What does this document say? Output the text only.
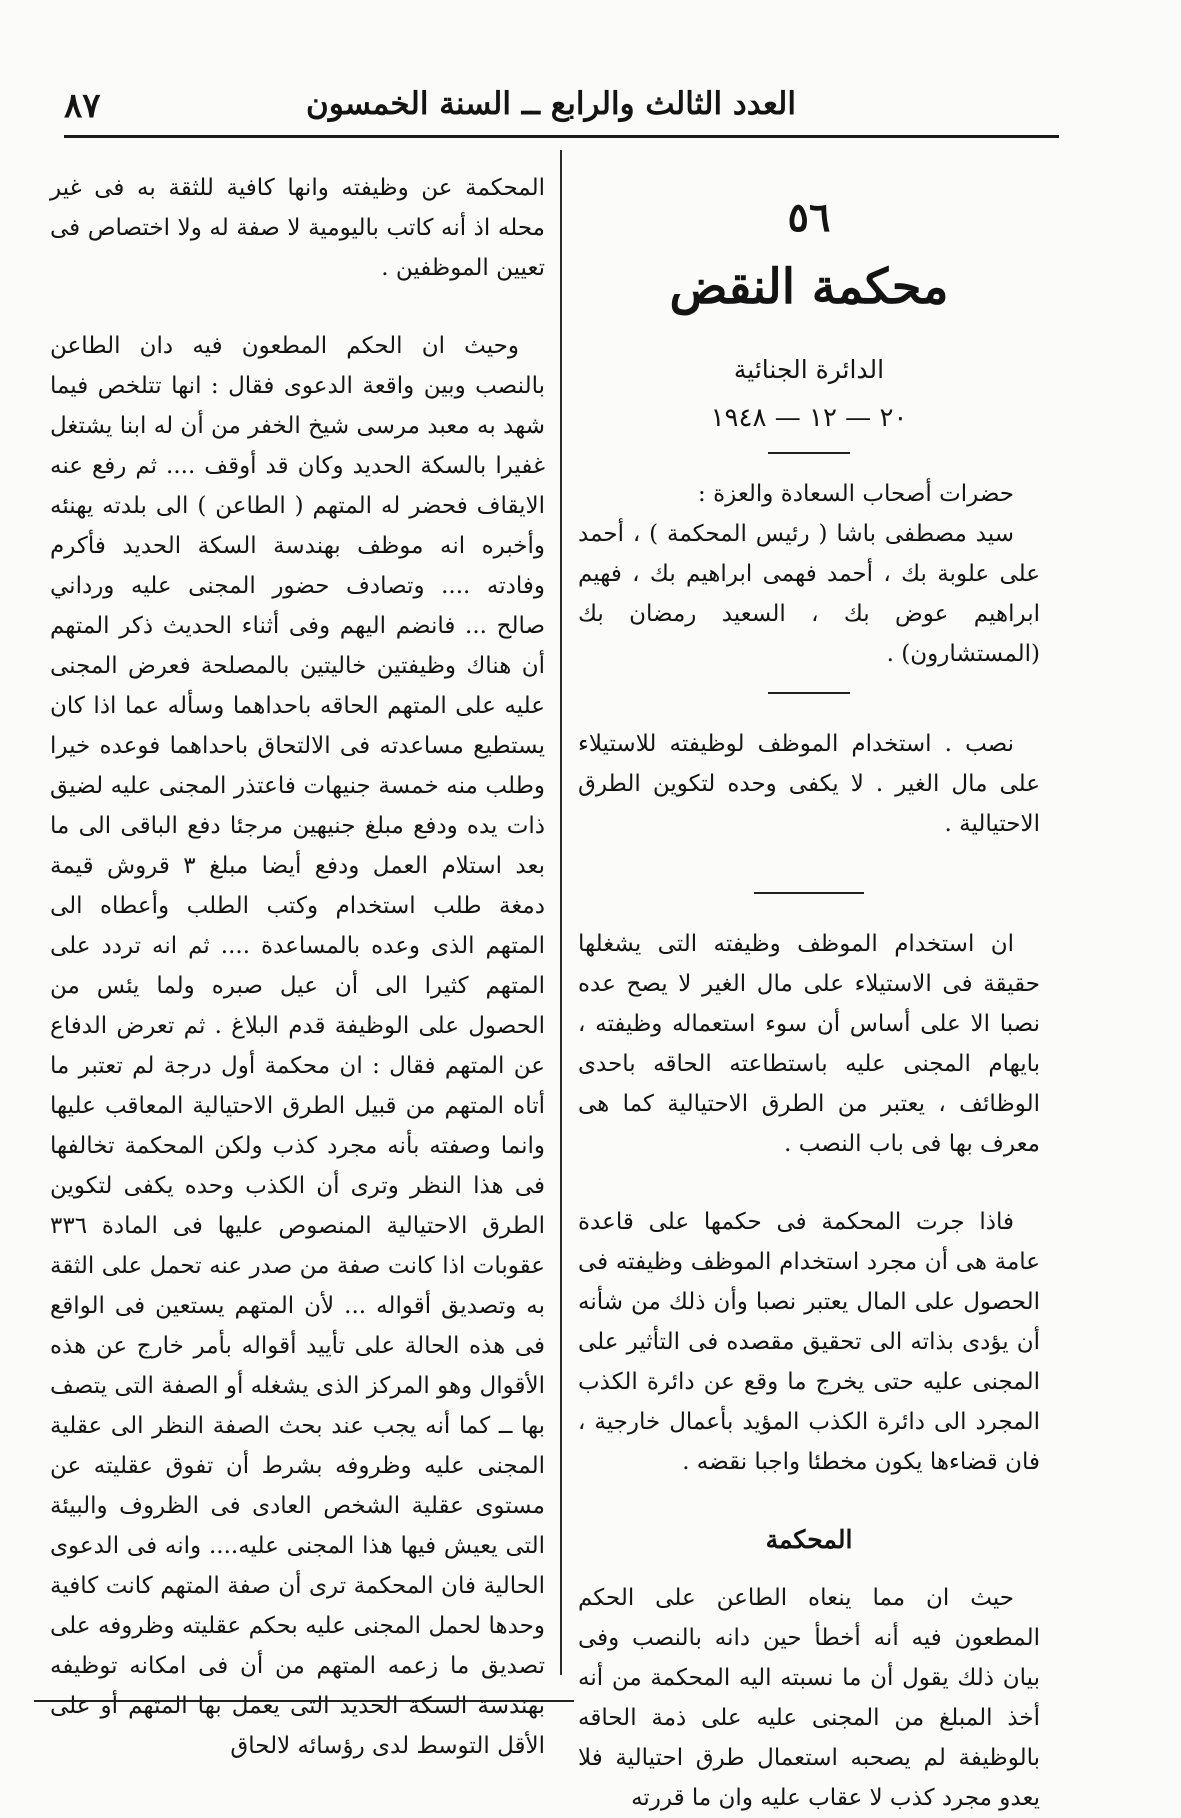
العدد الثالث والرابع ــ السنة الخمسون
٨٧
٥٦
محكمة النقض
الدائرة الجنائية
٢٠ — ١٢ — ١٩٤٨

حضرات أصحاب السعادة والعزة :

سيد مصطفى باشا ( رئيس المحكمة ) ، أحمد على علوبة بك ، أحمد فهمى ابراهيم بك ، فهيم ابراهيم عوض بك ، السعيد رمضان بك (المستشارون) .

نصب . استخدام الموظف لوظيفته للاستيلاء على مال الغير . لا يكفى وحده لتكوين الطرق الاحتيالية .

ان استخدام الموظف وظيفته التى يشغلها حقيقة فى الاستيلاء على مال الغير لا يصح عده نصبا الا على أساس أن سوء استعماله وظيفته ، بايهام المجنى عليه باستطاعته الحاقه باحدى الوظائف ، يعتبر من الطرق الاحتيالية كما هى معرف بها فى باب النصب .

فاذا جرت المحكمة فى حكمها على قاعدة عامة هى أن مجرد استخدام الموظف وظيفته فى الحصول على المال يعتبر نصبا وأن ذلك من شأنه أن يؤدى بذاته الى تحقيق مقصده فى التأثير على المجنى عليه حتى يخرج ما وقع عن دائرة الكذب المجرد الى دائرة الكذب المؤيد بأعمال خارجية ، فان قضاءها يكون مخطئا واجبا نقضه .

المحكمة

حيث ان مما ينعاه الطاعن على الحكم المطعون فيه أنه أخطأ حين دانه بالنصب وفى بيان ذلك يقول أن ما نسبته اليه المحكمة من أنه أخذ المبلغ من المجنى عليه على ذمة الحاقه بالوظيفة لم يصحبه استعمال طرق احتيالية فلا يعدو مجرد كذب لا عقاب عليه وان ما قررته

المحكمة عن وظيفته وانها كافية للثقة به فى غير محله اذ أنه كاتب باليومية لا صفة له ولا اختصاص فى تعيين الموظفين .

وحيث ان الحكم المطعون فيه دان الطاعن بالنصب وبين واقعة الدعوى فقال : انها تتلخص فيما شهد به معبد مرسى شيخ الخفر من أن له ابنا يشتغل غفيرا بالسكة الحديد وكان قد أوقف .... ثم رفع عنه الايقاف فحضر له المتهم ( الطاعن ) الى بلدته يهنئه وأخبره انه موظف بهندسة السكة الحديد فأكرم وفادته .... وتصادف حضور المجنى عليه ورداني صالح ... فانضم اليهم وفى أثناء الحديث ذكر المتهم أن هناك وظيفتين خاليتين بالمصلحة فعرض المجنى عليه على المتهم الحاقه باحداهما وسأله عما اذا كان يستطيع مساعدته فى الالتحاق باحداهما فوعده خيرا وطلب منه خمسة جنيهات فاعتذر المجنى عليه لضيق ذات يده ودفع مبلغ جنيهين مرجئا دفع الباقى الى ما بعد استلام العمل ودفع أيضا مبلغ ٣ قروش قيمة دمغة طلب استخدام وكتب الطلب وأعطاه الى المتهم الذى وعده بالمساعدة .... ثم انه تردد على المتهم كثيرا الى أن عيل صبره ولما يئس من الحصول على الوظيفة قدم البلاغ . ثم تعرض الدفاع عن المتهم فقال : ان محكمة أول درجة لم تعتبر ما أتاه المتهم من قبيل الطرق الاحتيالية المعاقب عليها وانما وصفته بأنه مجرد كذب ولكن المحكمة تخالفها فى هذا النظر وترى أن الكذب وحده يكفى لتكوين الطرق الاحتيالية المنصوص عليها فى المادة ٣٣٦ عقوبات اذا كانت صفة من صدر عنه تحمل على الثقة به وتصديق أقواله ... لأن المتهم يستعين فى الواقع فى هذه الحالة على تأييد أقواله بأمر خارج عن هذه الأقوال وهو المركز الذى يشغله أو الصفة التى يتصف بها ــ كما أنه يجب عند بحث الصفة النظر الى عقلية المجنى عليه وظروفه بشرط أن تفوق عقليته عن مستوى عقلية الشخص العادى فى الظروف والبيئة التى يعيش فيها هذا المجنى عليه.... وانه فى الدعوى الحالية فان المحكمة ترى أن صفة المتهم كانت كافية وحدها لحمل المجنى عليه بحكم عقليته وظروفه على تصديق ما زعمه المتهم من أن فى امكانه توظيفه بهندسة السكة الحديد التى يعمل بها المتهم أو على الأقل التوسط لدى رؤسائه لالحاق
